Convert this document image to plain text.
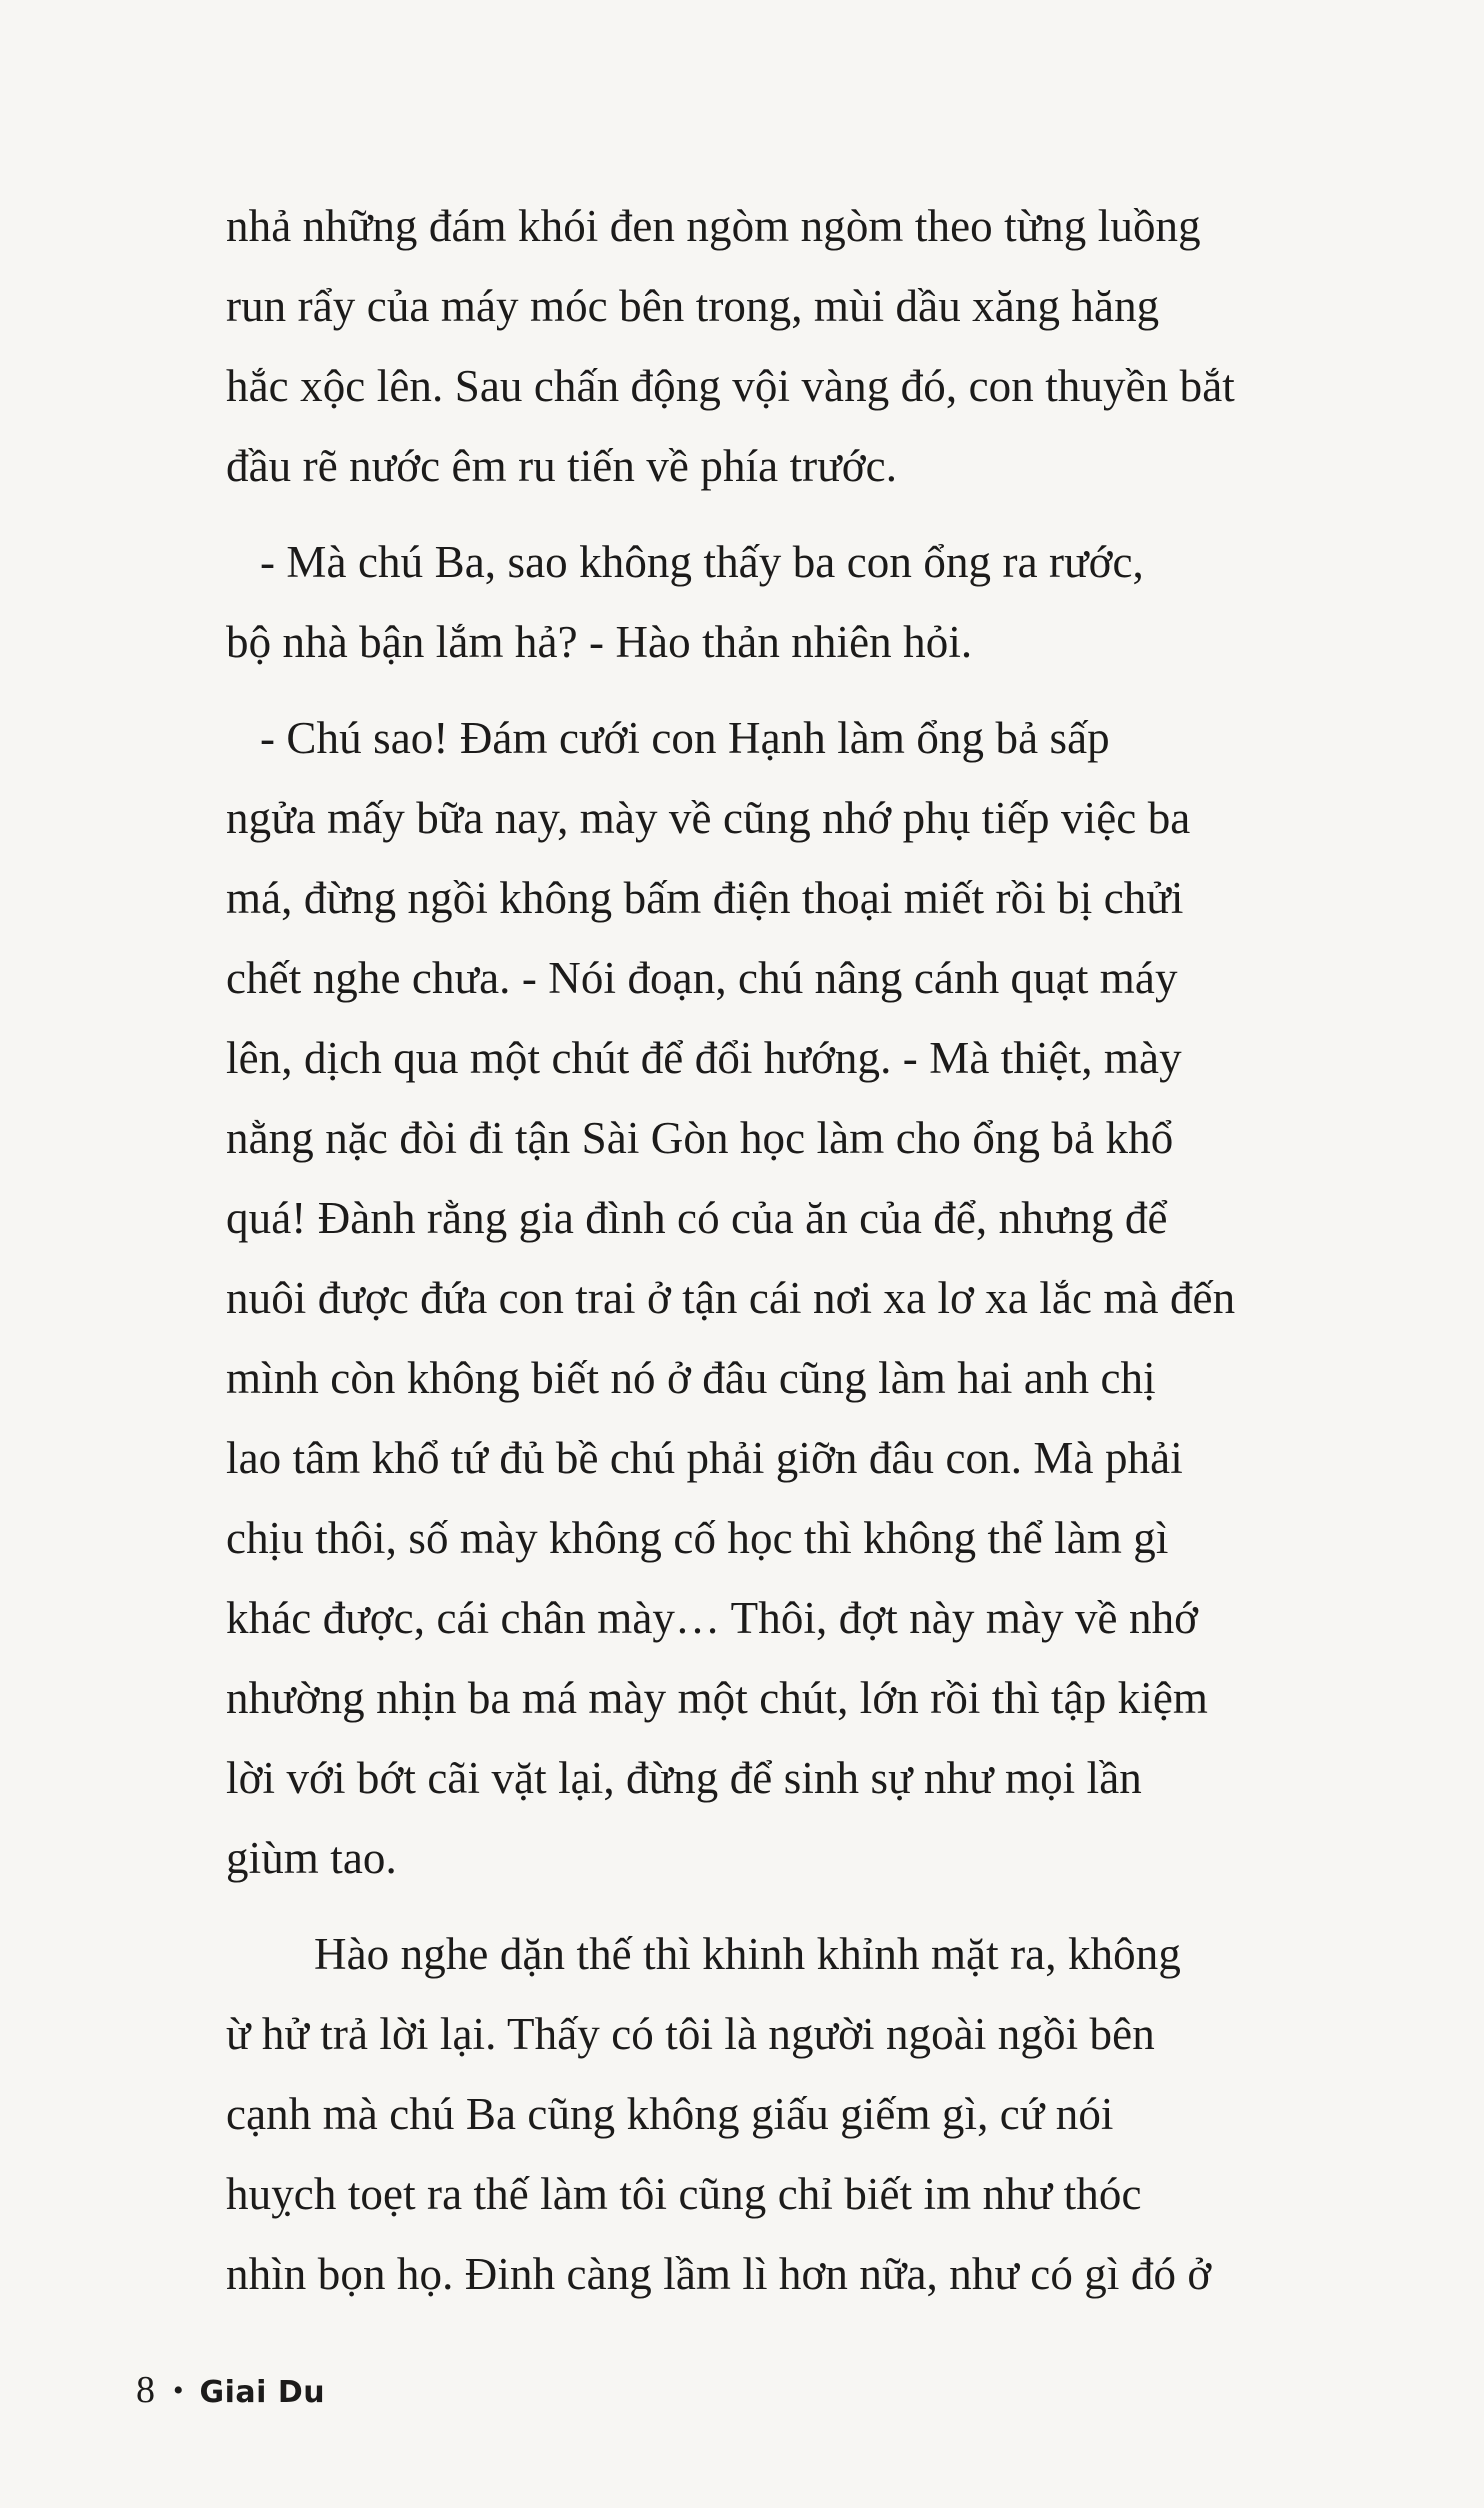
nhả những đám khói đen ngòm ngòm theo từng luồng
run rẩy của máy móc bên trong, mùi dầu xăng hăng
hắc xộc lên. Sau chấn động vội vàng đó, con thuyền bắt
đầu rẽ nước êm ru tiến về phía trước.
- Mà chú Ba, sao không thấy ba con ổng ra rước,
bộ nhà bận lắm hả? - Hào thản nhiên hỏi.
- Chú sao! Đám cưới con Hạnh làm ổng bả sấp
ngửa mấy bữa nay, mày về cũng nhớ phụ tiếp việc ba
má, đừng ngồi không bấm điện thoại miết rồi bị chửi
chết nghe chưa. - Nói đoạn, chú nâng cánh quạt máy
lên, dịch qua một chút để đổi hướng. - Mà thiệt, mày
nằng nặc đòi đi tận Sài Gòn học làm cho ổng bả khổ
quá! Đành rằng gia đình có của ăn của để, nhưng để
nuôi được đứa con trai ở tận cái nơi xa lơ xa lắc mà đến
mình còn không biết nó ở đâu cũng làm hai anh chị
lao tâm khổ tứ đủ bề chú phải giỡn đâu con. Mà phải
chịu thôi, số mày không cố học thì không thể làm gì
khác được, cái chân mày… Thôi, đợt này mày về nhớ
nhường nhịn ba má mày một chút, lớn rồi thì tập kiệm
lời với bớt cãi vặt lại, đừng để sinh sự như mọi lần
giùm tao.
Hào nghe dặn thế thì khinh khỉnh mặt ra, không
ừ hử trả lời lại. Thấy có tôi là người ngoài ngồi bên
cạnh mà chú Ba cũng không giấu giếm gì, cứ nói
huỵch toẹt ra thế làm tôi cũng chỉ biết im như thóc
nhìn bọn họ. Đinh càng lầm lì hơn nữa, như có gì đó ở
8 • Giai Du
